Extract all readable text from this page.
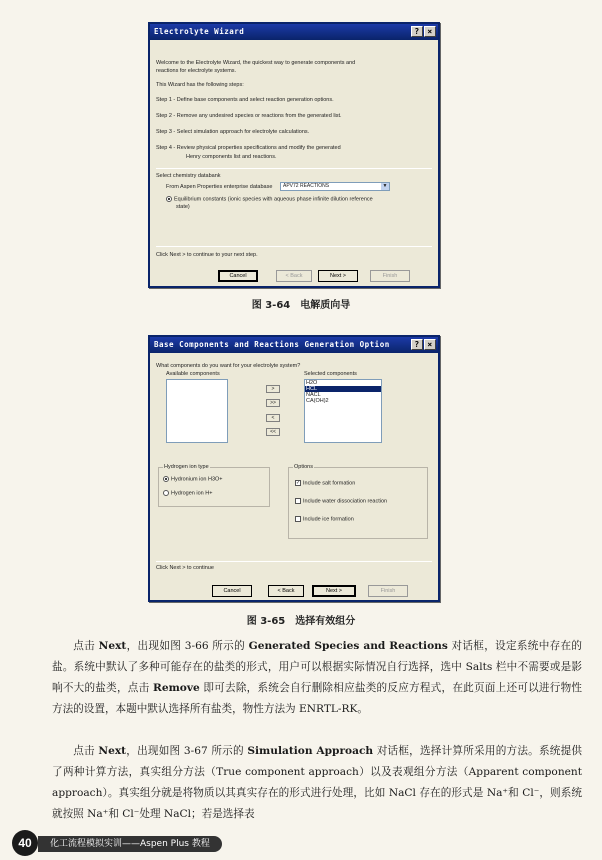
Electrolyte Wizard	? ×
Welcome to the Electrolyte Wizard, the quickest way to generate components and
reactions for electrolyte systems.
This Wizard has the following steps:
Step 1 - Define base components and select reaction generation options.
Step 2 - Remove any undesired species or reactions from the generated list.
Step 3 - Select simulation approach for electrolyte calculations.
Step 4 - Review physical properties specifications and modify the generated
Henry components list and reactions.
Select chemistry databank
From Aspen Properties enterprise database	APV72 REACTIONS	▼
Equilibrium constants (ionic species with aqueous phase infinite dilution reference
state)
Click Next > to continue to your next step.
Cancel	< Back	Next >	Finish
图 3-64 电解质向导
Base Components and Reactions Generation Option	? ×
What components do you want for your electrolyte system?
Available components	Selected components
>
>>
<
<<
H2O
HCL
NACL
CA(OH)2
Hydrogen ion type
Hydronium ion H3O+
Hydrogen ion H+
Options
✓ Include salt formation
Include water dissociation reaction
Include ice formation
Click Next > to continue
Cancel	< Back	Next >	Finish
图 3-65 选择有效组分
点击 Next，出现如图 3-66 所示的 Generated Species and Reactions 对话框，设定系统中存在的盐。系统中默认了多种可能存在的盐类的形式，用户可以根据实际情况自行选择，选中 Salts 栏中不需要或是影响不大的盐类，点击 Remove 即可去除，系统会自行删除相应盐类的反应方程式，在此页面上还可以进行物性方法的设置，本题中默认选择所有盐类，物性方法为 ENRTL-RK。
点击 Next，出现如图 3-67 所示的 Simulation Approach 对话框，选择计算所采用的方法。系统提供了两种计算方法，真实组分方法（True component approach）以及表观组分方法（Apparent component approach）。真实组分就是将物质以其真实存在的形式进行处理，比如 NaCl 存在的形式是 Na⁺和 Cl⁻，则系统就按照 Na⁺和 Cl⁻处理 NaCl；若是选择表
40	化工流程模拟实训——Aspen Plus 教程
